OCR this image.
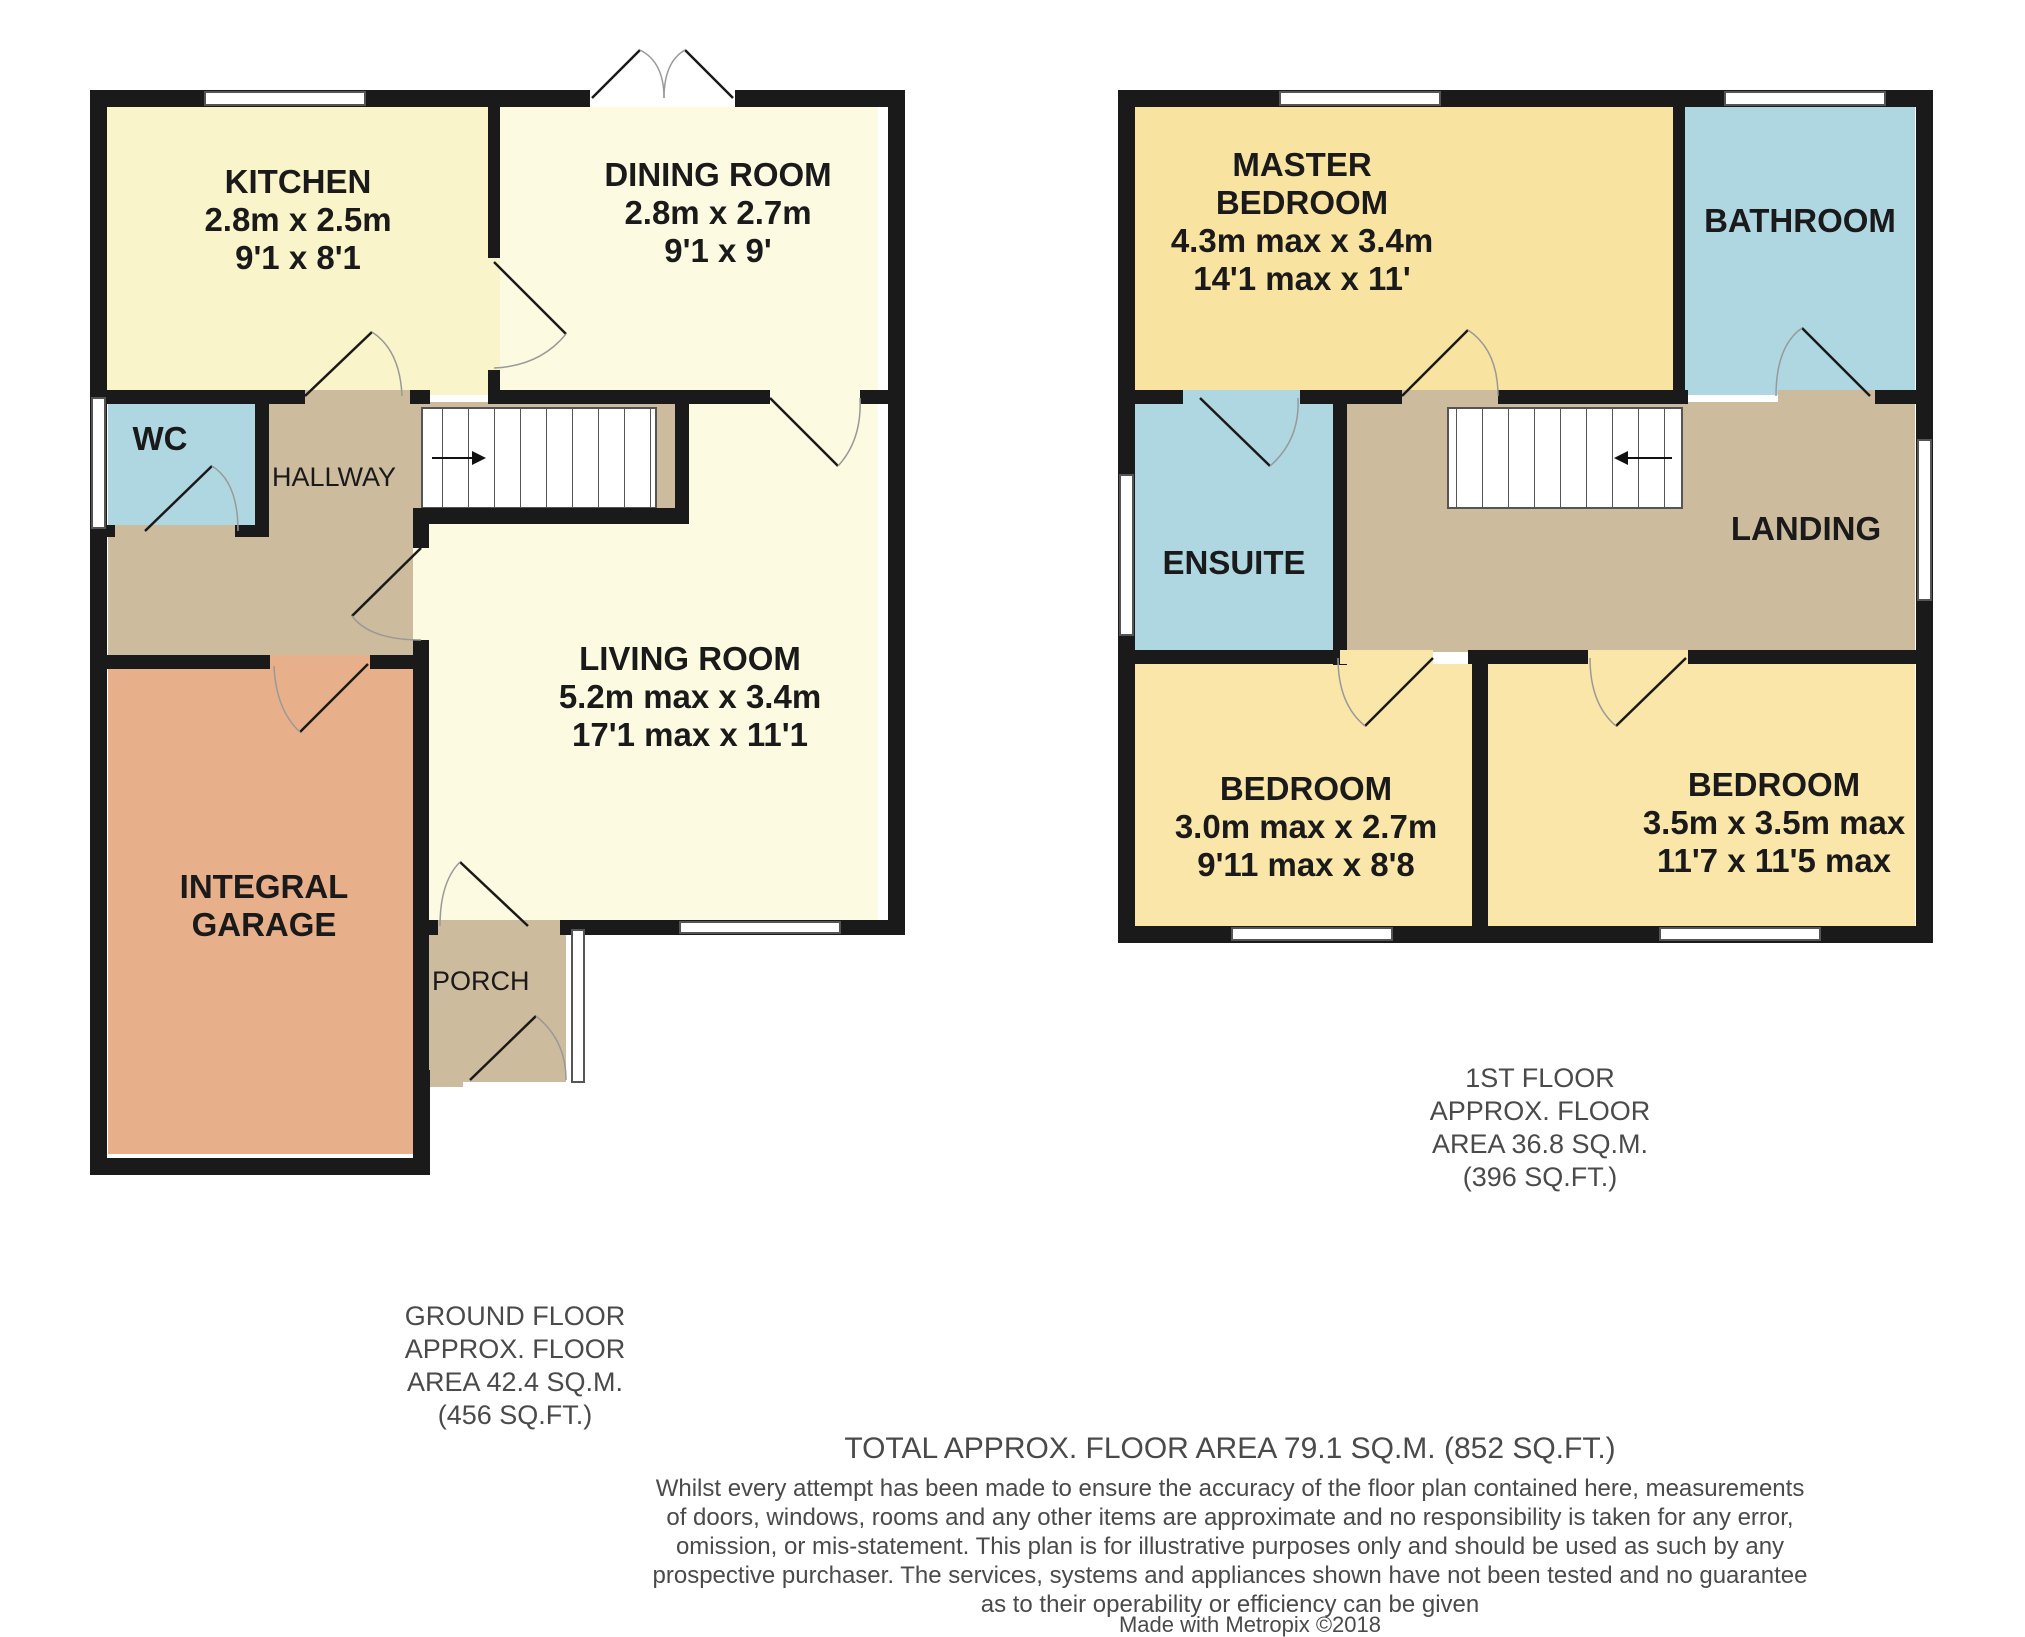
KITCHEN
2.8m x 2.5m
9'1 x 8'1
DINING ROOM
2.8m x 2.7m
9'1 x 9'
WC
HALLWAY
LIVING ROOM
5.2m max x 3.4m
17'1 max x 11'1
INTEGRAL
GARAGE
PORCH
MASTER
BEDROOM
4.3m max x 3.4m
14'1 max x 11'
BATHROOM
ENSUITE
LANDING
BEDROOM
3.0m max x 2.7m
9'11 max x 8'8
BEDROOM
3.5m x 3.5m max
11'7 x 11'5 max
1ST FLOOR
APPROX. FLOOR
AREA 36.8 SQ.M.
(396 SQ.FT.)
GROUND FLOOR
APPROX. FLOOR
AREA 42.4 SQ.M.
(456 SQ.FT.)
TOTAL APPROX. FLOOR AREA 79.1 SQ.M. (852 SQ.FT.)
Whilst every attempt has been made to ensure the accuracy of the floor plan contained here, measurements
of doors, windows, rooms and any other items are approximate and no responsibility is taken for any error,
omission, or mis-statement. This plan is for illustrative purposes only and should be used as such by any
prospective purchaser. The services, systems and appliances shown have not been tested and no guarantee
as to their operability or efficiency can be given
Made with Metropix ©2018
